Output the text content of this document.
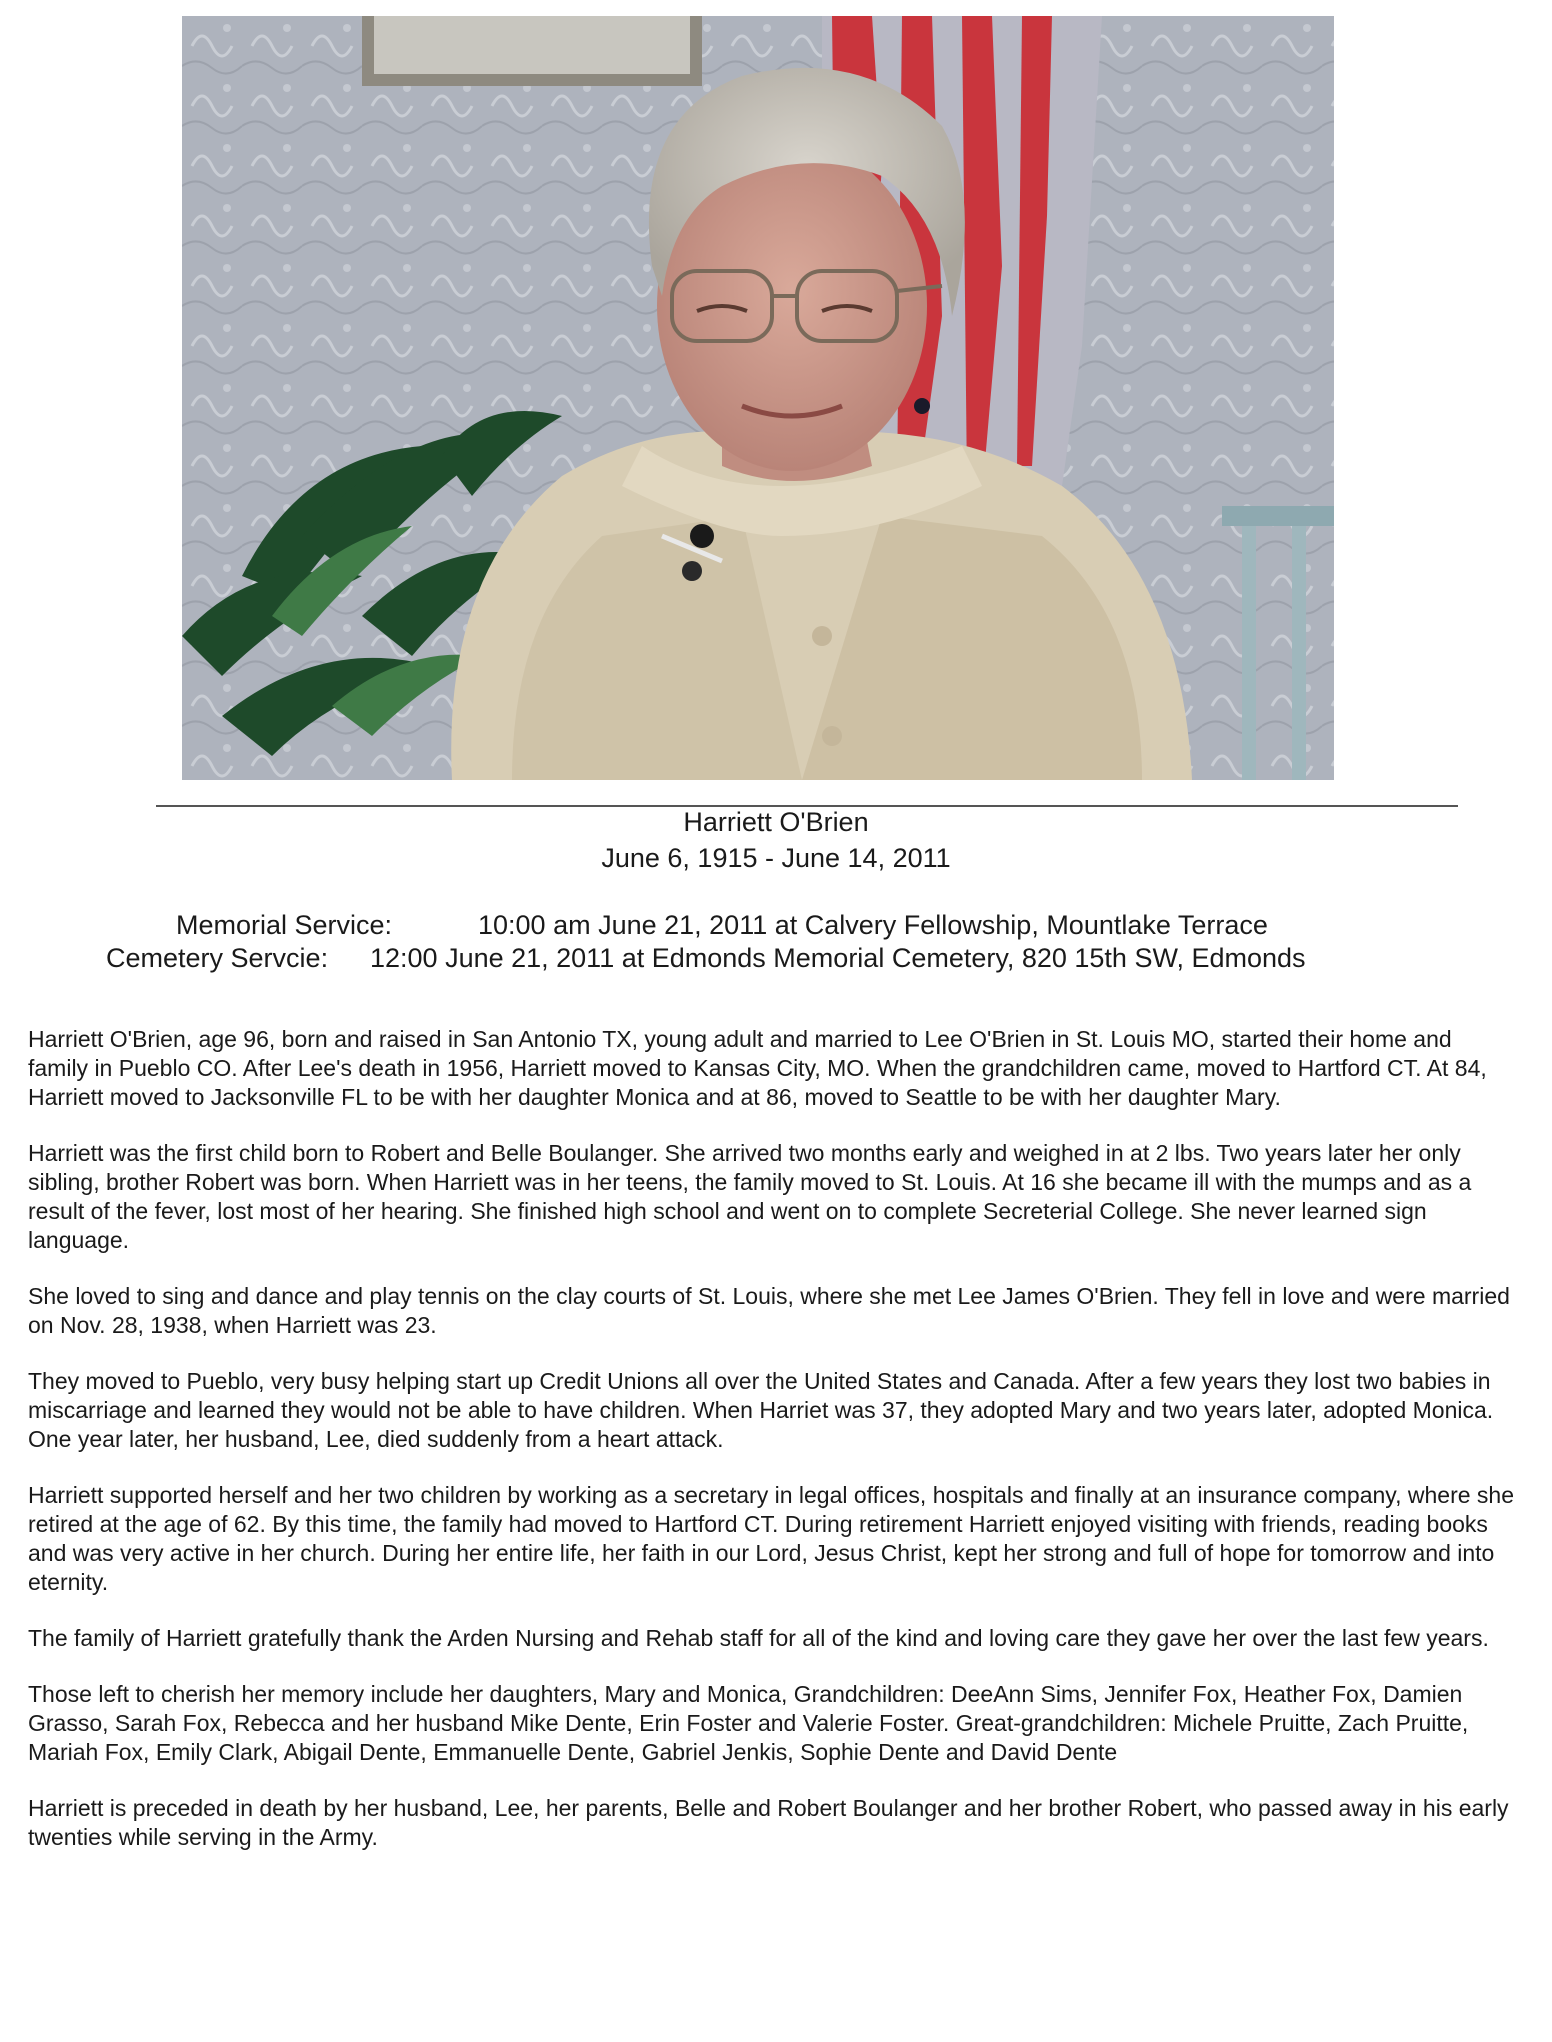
Harriett O'Brien
June 6, 1915 - June 14, 2011
Memorial Service:	10:00 am June 21, 2011 at Calvery Fellowship, Mountlake Terrace
Cemetery Servcie: 12:00 June 21, 2011 at Edmonds Memorial Cemetery, 820 15th SW, Edmonds

Harriett O'Brien, age 96, born and raised in San Antonio TX, young adult and married to Lee O'Brien in St. Louis MO, started their home and family in Pueblo CO. After Lee's death in 1956, Harriett moved to Kansas City, MO. When the grandchildren came, moved to Hartford CT. At 84, Harriett moved to Jacksonville FL to be with her daughter Monica and at 86, moved to Seattle to be with her daughter Mary.

Harriett was the first child born to Robert and Belle Boulanger. She arrived two months early and weighed in at 2 lbs. Two years later her only sibling, brother Robert was born. When Harriett was in her teens, the family moved to St. Louis. At 16 she became ill with the mumps and as a result of the fever, lost most of her hearing. She finished high school and went on to complete Secreterial College. She never learned sign language.

She loved to sing and dance and play tennis on the clay courts of St. Louis, where she met Lee James O'Brien. They fell in love and were married on Nov. 28, 1938, when Harriett was 23.

They moved to Pueblo, very busy helping start up Credit Unions all over the United States and Canada. After a few years they lost two babies in miscarriage and learned they would not be able to have children. When Harriet was 37, they adopted Mary and two years later, adopted Monica. One year later, her husband, Lee, died suddenly from a heart attack.

Harriett supported herself and her two children by working as a secretary in legal offices, hospitals and finally at an insurance company, where she retired at the age of 62. By this time, the family had moved to Hartford CT. During retirement Harriett enjoyed visiting with friends, reading books and was very active in her church. During her entire life, her faith in our Lord, Jesus Christ, kept her strong and full of hope for tomorrow and into eternity.

The family of Harriett gratefully thank the Arden Nursing and Rehab staff for all of the kind and loving care they gave her over the last few years.

Those left to cherish her memory include her daughters, Mary and Monica, Grandchildren: DeeAnn Sims, Jennifer Fox, Heather Fox, Damien Grasso, Sarah Fox, Rebecca and her husband Mike Dente, Erin Foster and Valerie Foster. Great-grandchildren: Michele Pruitte, Zach Pruitte, Mariah Fox, Emily Clark, Abigail Dente, Emmanuelle Dente, Gabriel Jenkis, Sophie Dente and David Dente

Harriett is preceded in death by her husband, Lee, her parents, Belle and Robert Boulanger and her brother Robert, who passed away in his early twenties while serving in the Army.
